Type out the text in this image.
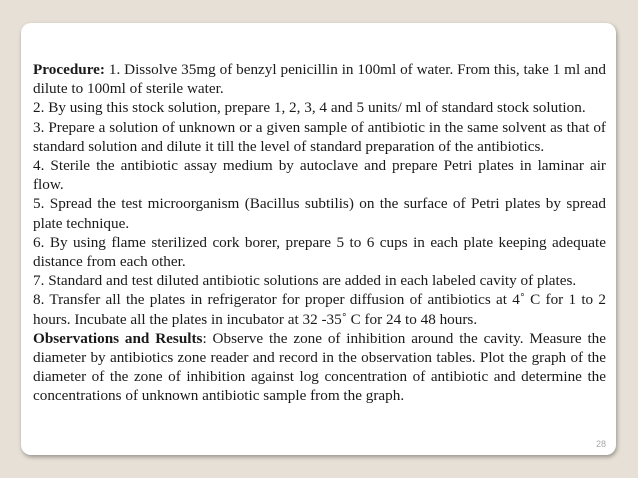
Procedure: 1. Dissolve 35mg of benzyl penicillin in 100ml of water. From this, take 1 ml and dilute to 100ml of sterile water.

2. By using this stock solution, prepare 1, 2, 3, 4 and 5 units/ ml of standard stock solution.

3. Prepare a solution of unknown or a given sample of antibiotic in the same solvent as that of standard solution and dilute it till the level of standard preparation of the antibiotics.

4. Sterile the antibiotic assay medium by autoclave and prepare Petri plates in laminar air flow.

5. Spread the test microorganism (Bacillus subtilis) on the surface of Petri plates by spread plate technique.

6. By using flame sterilized cork borer, prepare 5 to 6 cups in each plate keeping adequate distance from each other.

7. Standard and test diluted antibiotic solutions are added in each labeled cavity of plates.

8. Transfer all the plates in refrigerator for proper diffusion of antibiotics at 4˚ C for 1 to 2 hours. Incubate all the plates in incubator at 32 -35˚ C for 24 to 48 hours.

Observations and Results: Observe the zone of inhibition around the cavity. Measure the diameter by antibiotics zone reader and record in the observation tables. Plot the graph of the diameter of the zone of inhibition against log concentration of antibiotic and determine the concentrations of unknown antibiotic sample from the graph.

28
